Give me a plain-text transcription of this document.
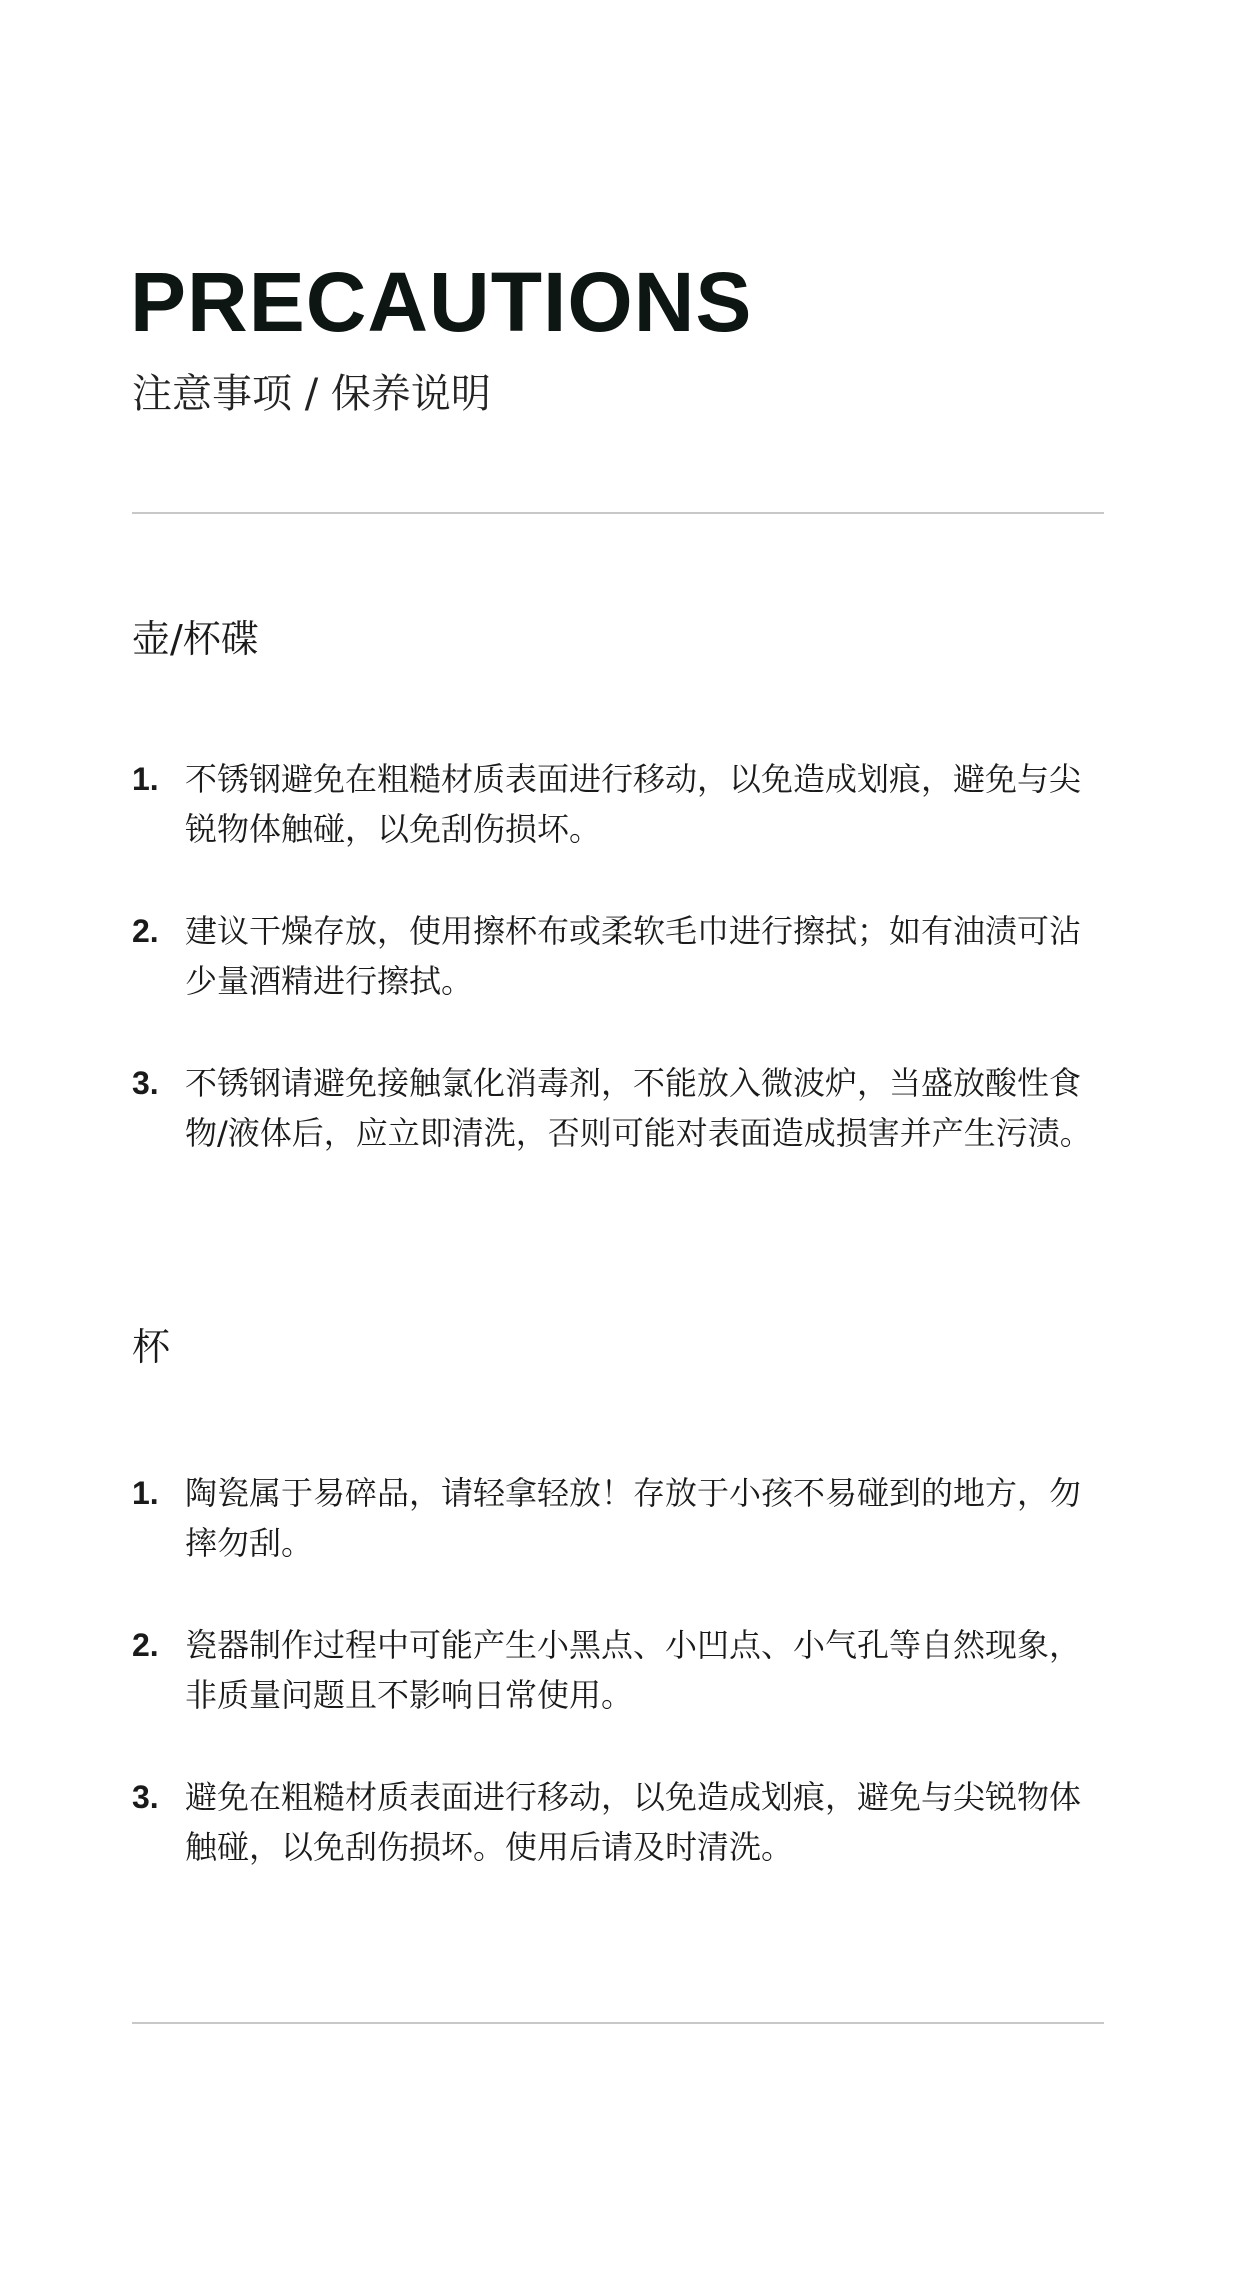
PRECAUTIONS
注意事项 / 保养说明
壶/杯碟
1. 不锈钢避免在粗糙材质表面进行移动，以免造成划痕，避免与尖锐物体触碰，以免刮伤损坏。
2. 建议干燥存放，使用擦杯布或柔软毛巾进行擦拭；如有油渍可沾少量酒精进行擦拭。
3. 不锈钢请避免接触氯化消毒剂，不能放入微波炉，当盛放酸性食物/液体后，应立即清洗，否则可能对表面造成损害并产生污渍。
杯
1. 陶瓷属于易碎品，请轻拿轻放！存放于小孩不易碰到的地方，勿摔勿刮。
2. 瓷器制作过程中可能产生小黑点、小凹点、小气孔等自然现象，非质量问题且不影响日常使用。
3. 避免在粗糙材质表面进行移动，以免造成划痕，避免与尖锐物体触碰，以免刮伤损坏。使用后请及时清洗。
